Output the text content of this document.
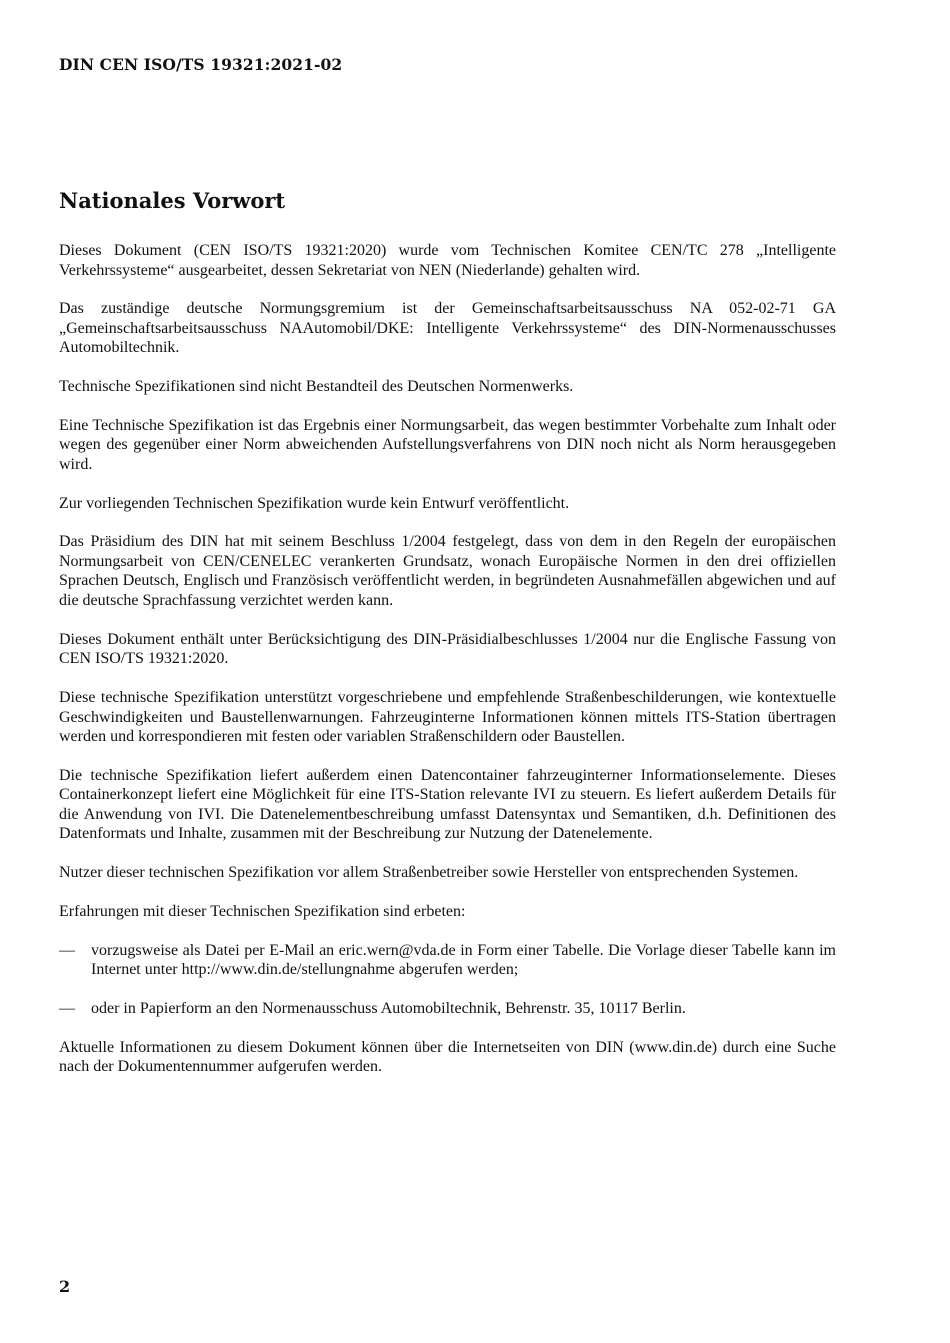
DIN CEN ISO/TS 19321:2021-02
Nationales Vorwort

Dieses Dokument (CEN ISO/TS 19321:2020) wurde vom Technischen Komitee CEN/TC 278 „Intelligente Verkehrssysteme“ ausgearbeitet, dessen Sekretariat von NEN (Niederlande) gehalten wird.

Das zuständige deutsche Normungsgremium ist der Gemeinschaftsarbeitsausschuss NA 052-02-71 GA „Gemeinschaftsarbeitsausschuss NAAutomobil/DKE: Intelligente Verkehrssysteme“ des DIN-Normenausschusses Automobiltechnik.

Technische Spezifikationen sind nicht Bestandteil des Deutschen Normenwerks.

Eine Technische Spezifikation ist das Ergebnis einer Normungsarbeit, das wegen bestimmter Vorbehalte zum Inhalt oder wegen des gegenüber einer Norm abweichenden Aufstellungsverfahrens von DIN noch nicht als Norm herausgegeben wird.

Zur vorliegenden Technischen Spezifikation wurde kein Entwurf veröffentlicht.

Das Präsidium des DIN hat mit seinem Beschluss 1/2004 festgelegt, dass von dem in den Regeln der europäischen Normungsarbeit von CEN/CENELEC verankerten Grundsatz, wonach Europäische Normen in den drei offiziellen Sprachen Deutsch, Englisch und Französisch veröffentlicht werden, in begründeten Ausnahmefällen abgewichen und auf die deutsche Sprachfassung verzichtet werden kann.

Dieses Dokument enthält unter Berücksichtigung des DIN-Präsidialbeschlusses 1/2004 nur die Englische Fassung von CEN ISO/TS 19321:2020.

Diese technische Spezifikation unterstützt vorgeschriebene und empfehlende Straßenbeschilderungen, wie kontextuelle Geschwindigkeiten und Baustellenwarnungen. Fahrzeuginterne Informationen können mittels ITS-Station übertragen werden und korrespondieren mit festen oder variablen Straßenschildern oder Baustellen.

Die technische Spezifikation liefert außerdem einen Datencontainer fahrzeuginterner Informationselemente. Dieses Containerkonzept liefert eine Möglichkeit für eine ITS-Station relevante IVI zu steuern. Es liefert außerdem Details für die Anwendung von IVI. Die Datenelementbeschreibung umfasst Datensyntax und Semantiken, d.h. Definitionen des Datenformats und Inhalte, zusammen mit der Beschreibung zur Nutzung der Datenelemente.

Nutzer dieser technischen Spezifikation vor allem Straßenbetreiber sowie Hersteller von entsprechenden Systemen.

Erfahrungen mit dieser Technischen Spezifikation sind erbeten:

— vorzugsweise als Datei per E-Mail an eric.wern@vda.de in Form einer Tabelle. Die Vorlage dieser Tabelle kann im Internet unter http://www.din.de/stellungnahme abgerufen werden;
— oder in Papierform an den Normenausschuss Automobiltechnik, Behrenstr. 35, 10117 Berlin.

Aktuelle Informationen zu diesem Dokument können über die Internetseiten von DIN (www.din.de) durch eine Suche nach der Dokumentennummer aufgerufen werden.

2
